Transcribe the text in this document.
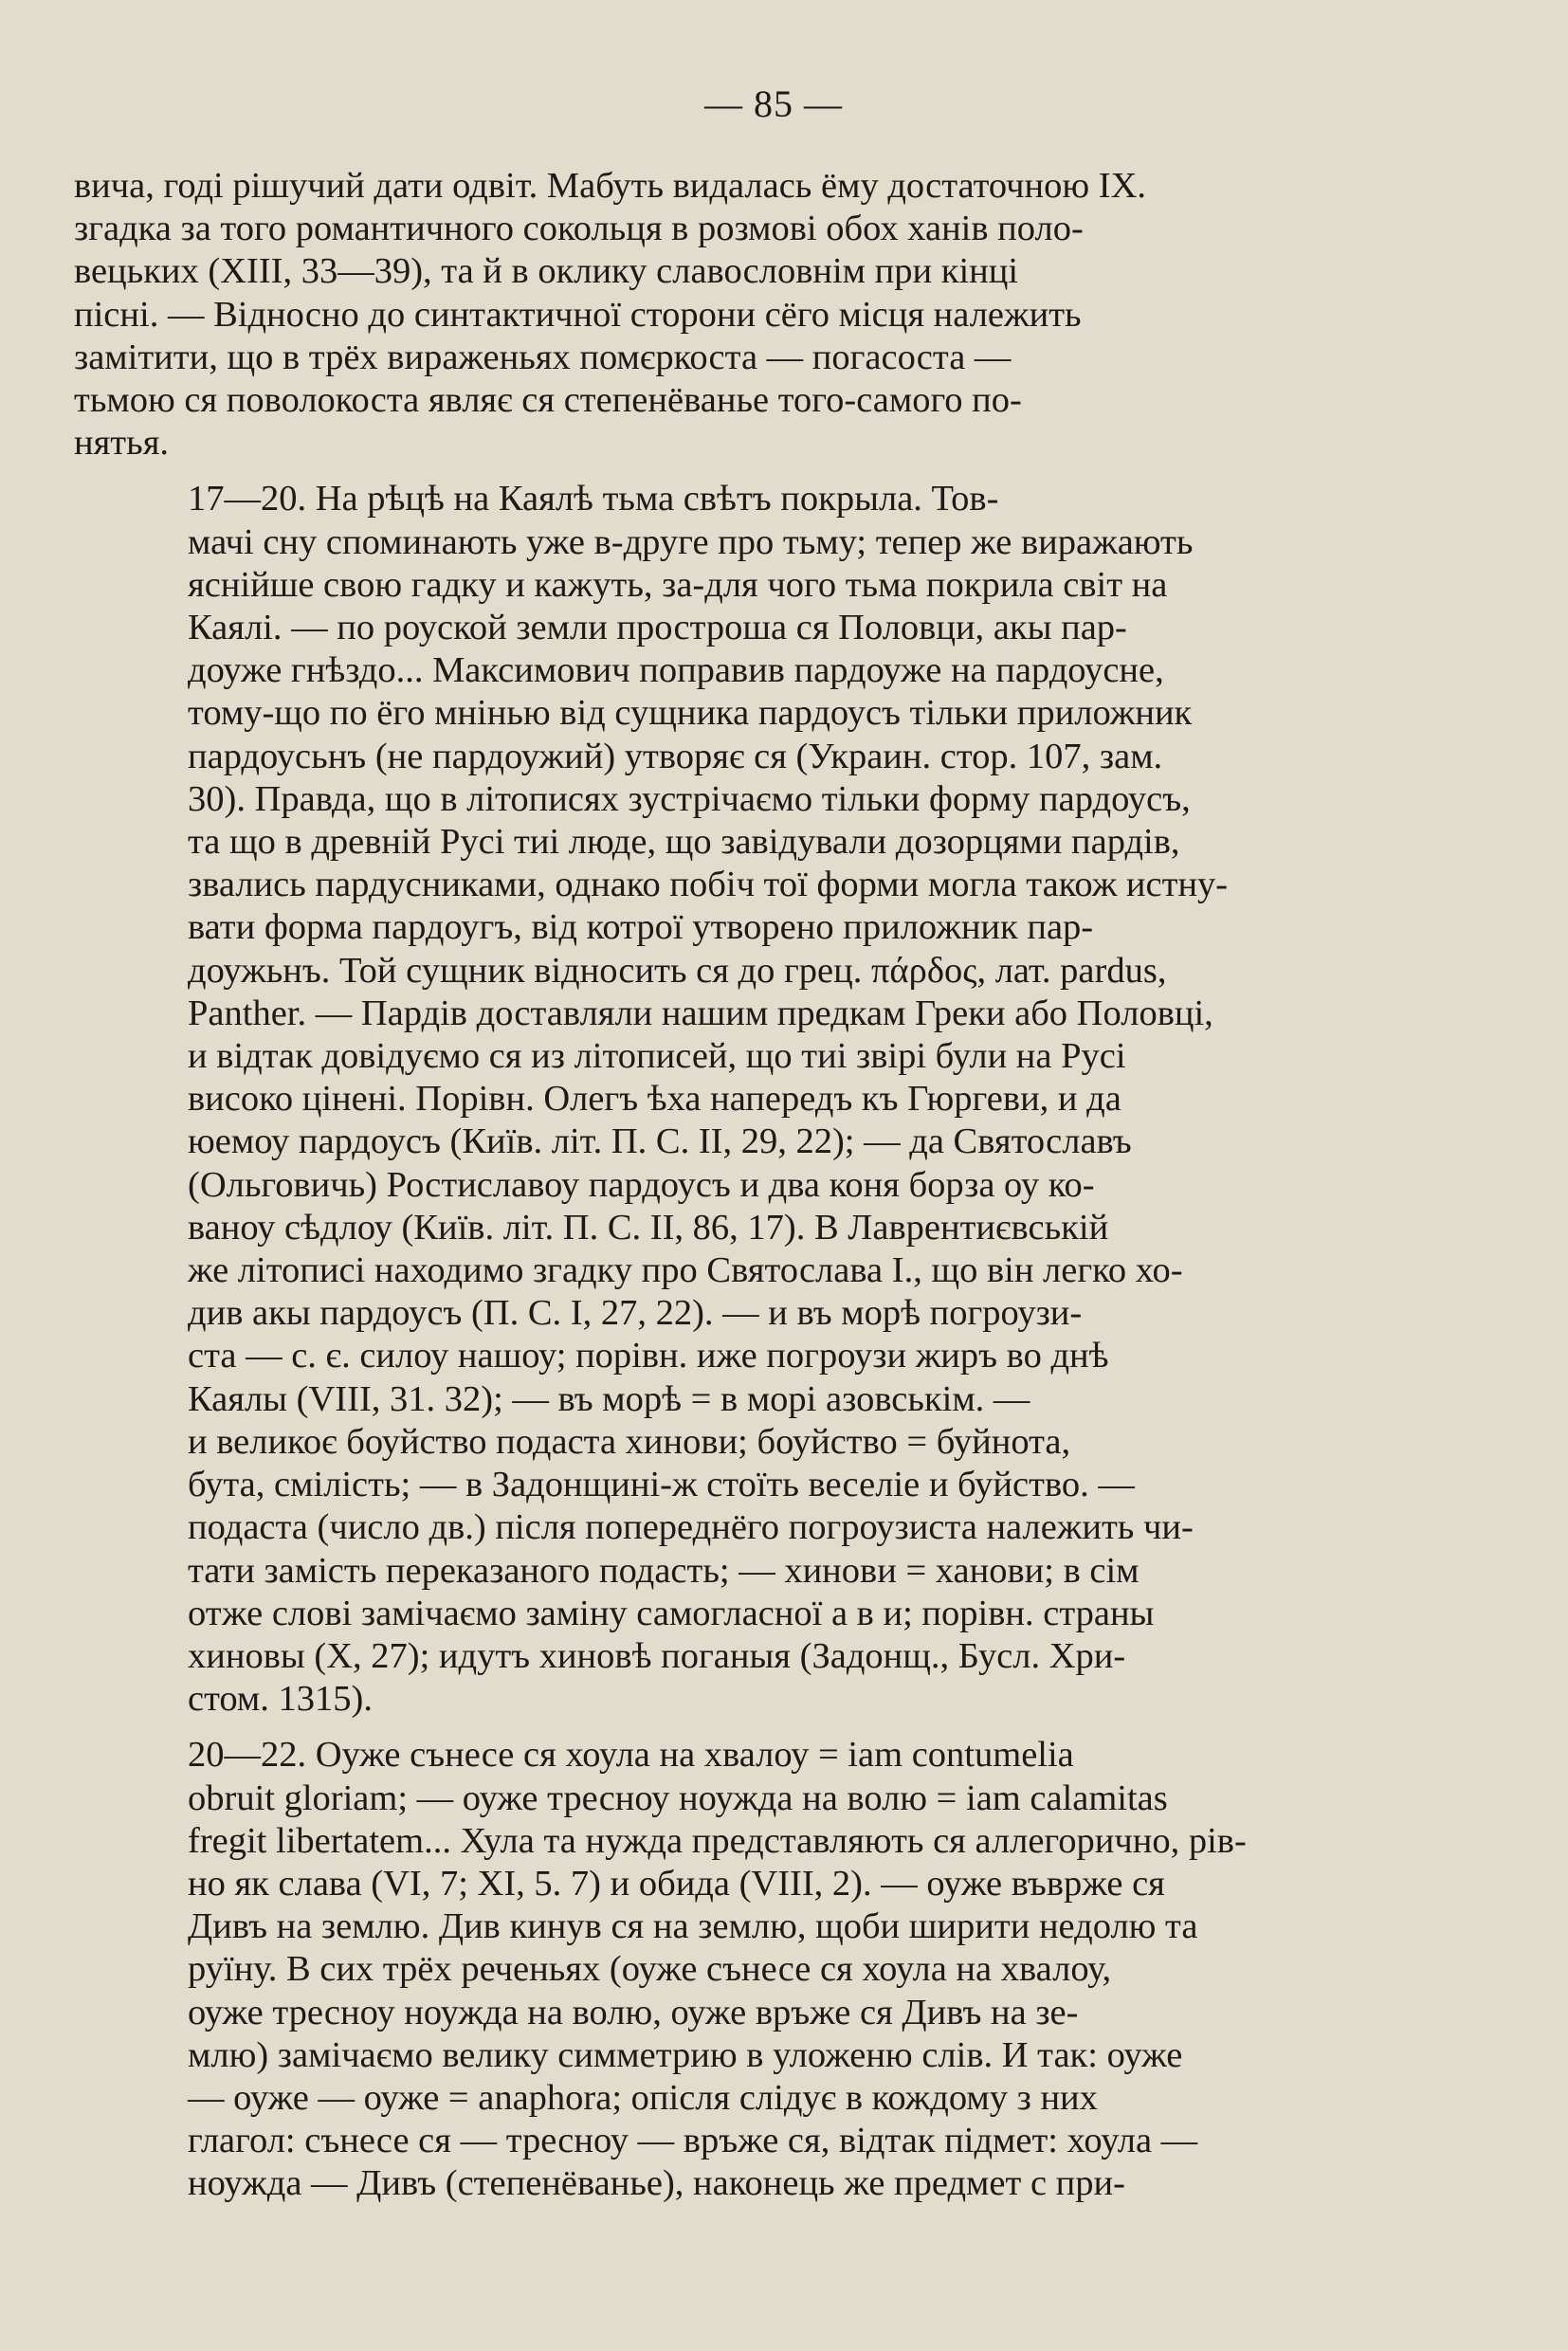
— 85 —
вича, годі рішучий дати одвіт. Мабуть видалась ёму достаточною IX.
згадка за того романтичного сокольця в розмові обох ханів поло-
вецьких (XIII, 33—39), та й в оклику славословнім при кінці
пісні. — Відносно до синтактичної сторони сёго місця належить
замітити, що в трёх вираженьях помєркоста — погасоста —
тьмою ся поволокоста являє ся степенёванье того-самого по-
нятья.
17—20. На рѣцѣ на Каялѣ тьма свѣтъ покрыла. Тов-
мачі сну споминають уже в-друге про тьму; тепер же виражають
яснійше свою гадку и кажуть, за-для чого тьма покрила світ на
Каялі. — по роуской земли простроша ся Половци, акы пар-
доуже гнѣздо... Максимович поправив пардоуже на пардоусне,
тому-що по ёго мнінью від сущника пардоусъ тільки приложник
пардоусьнъ (не пардоужий) утворяє ся (Украин. стор. 107, зам.
30). Правда, що в літописях зустрічаємо тільки форму пардоусъ,
та що в древній Русі тиі люде, що завідували дозорцями пардів,
звались пардусниками, однако побіч тої форми могла також истну-
вати форма пардоугъ, від котрої утворено приложник пар-
доужьнъ. Той сущник відносить ся до грец. πάρδος, лат. pardus,
Panther. — Пардів доставляли нашим предкам Греки або Половці,
и відтак довідуємо ся из літописей, що тиі звірі були на Русі
високо цінені. Порівн. Олегъ ѣха напередъ къ Гюргеви, и да
юемоу пардоусъ (Київ. літ. П. С. II, 29, 22); — да Святославъ
(Ольговичь) Ростиславоу пардоусъ и два коня борза оу ко-
ваноу сѣдлоу (Київ. літ. П. С. II, 86, 17). В Лаврентиєвській
же літописі находимо згадку про Святослава I., що він легко хо-
див акы пардоусъ (П. С. I, 27, 22). — и въ морѣ погроузи-
ста — с. є. силоу нашоу; порівн. иже погроузи жиръ во днѣ
Каялы (VIII, 31. 32); — въ морѣ = в морі азовськім. —
и великоє боуйство подаста хинови; боуйство = буйнота,
бута, смілість; — в Задонщині-ж стоїть веселіе и буйство. —
подаста (число дв.) після попереднёго погроузиста належить чи-
тати замість переказаного подасть; — хинови = ханови; в сім
отже слові замічаємо заміну самогласної а в и; порівн. страны
хиновы (X, 27); идутъ хиновѣ поганыя (Задонщ., Бусл. Хри-
стом. 1315).
20—22. Оуже сънесе ся хоула на хвалоу = iam contumelia
obruit gloriam; — оуже тресноу ноужда на волю = iam calamitas
fregit libertatem... Хула та нужда представляють ся аллегорично, рів-
но як слава (VI, 7; XI, 5. 7) и обида (VIII, 2). — оуже въврже ся
Дивъ на землю. Див кинув ся на землю, щоби ширити недолю та
руїну. В сих трёх реченьях (оуже сънесе ся хоула на хвалоу,
оуже тресноу ноужда на волю, оуже връже ся Дивъ на зе-
млю) замічаємо велику симметрию в уложеню слів. И так: оуже
— оуже — оуже = anaphora; опісля слідує в кождому з них
глагол: сънесе ся — тресноу — връже ся, відтак підмет: хоула —
ноужда — Дивъ (степенёванье), наконець же предмет с при-
